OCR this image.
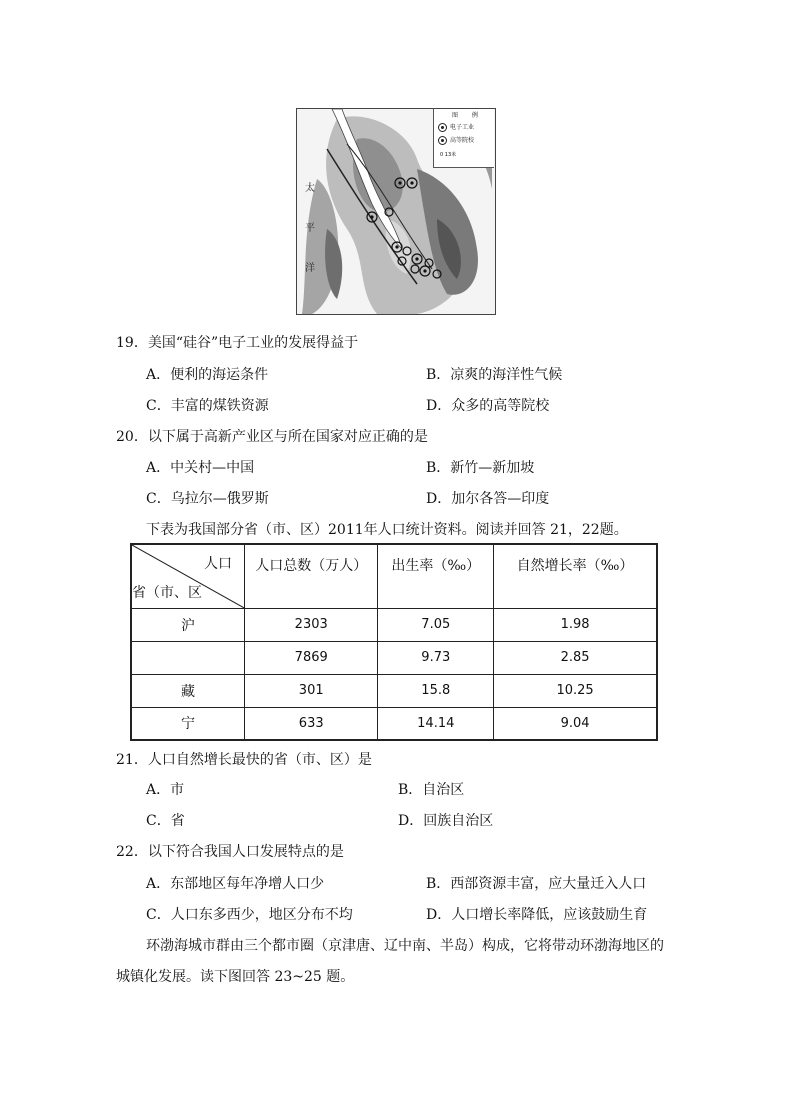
图 例
电子工业
高等院校
0 13米
太
平
洋
19．美国“硅谷”电子工业的发展得益于
A．便利的海运条件	B．凉爽的海洋性气候
C．丰富的煤铁资源	D．众多的高等院校
20．以下属于高新产业区与所在国家对应正确的是
A．中关村—中国	B．新竹—新加坡
C．乌拉尔—俄罗斯	D．加尔各答—印度
下表为我国部分省（市、区）2011年人口统计资料。阅读并回答 21，22题。
人口
省（市、区	人口总数（万人）	出生率（‰）	自然增长率（‰）
沪	2303	7.05	1.98
	7869	9.73	2.85
藏	301	15.8	10.25
宁	633	14.14	9.04
21．人口自然增长最快的省（市、区）是
A．市	B．自治区
C．省	D．回族自治区
22．以下符合我国人口发展特点的是
A．东部地区每年净增人口少	B．西部资源丰富，应大量迁入人口
C．人口东多西少，地区分布不均	D．人口增长率降低，应该鼓励生育
环渤海城市群由三个都市圈（京津唐、辽中南、半岛）构成，它将带动环渤海地区的
城镇化发展。读下图回答 23~25 题。
